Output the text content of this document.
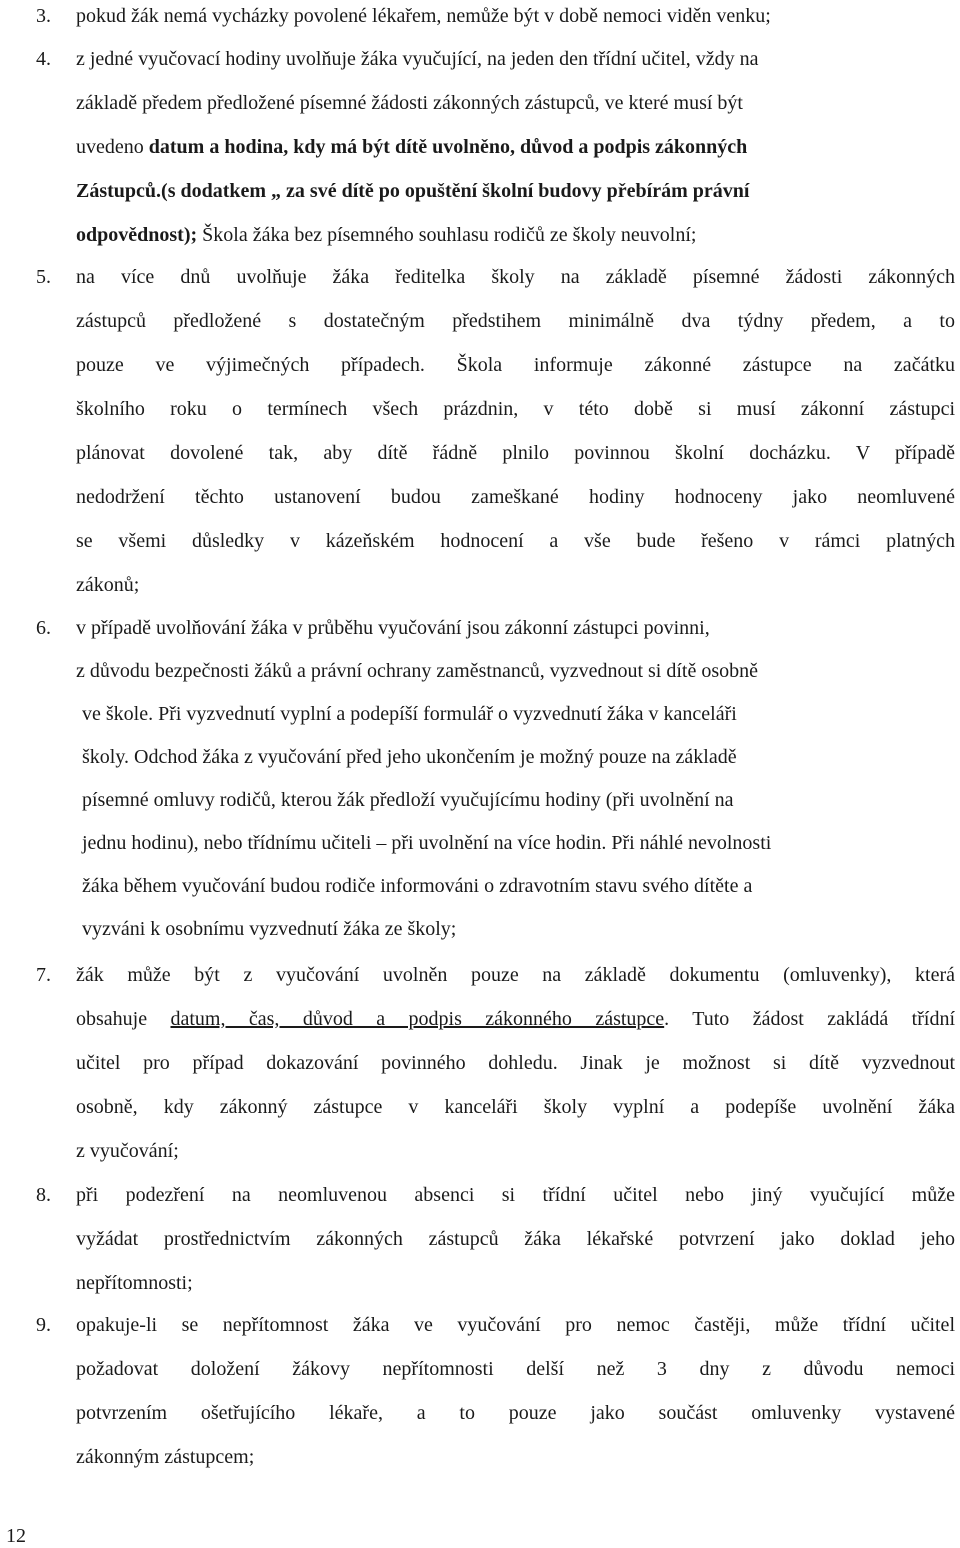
3. pokud žák nemá vycházky povolené lékařem, nemůže být v době nemoci viděn venku;
4. z jedné vyučovací hodiny uvolňuje žáka vyučující, na jeden den třídní učitel, vždy na
základě předem předložené písemné žádosti zákonných zástupců, ve které musí být
uvedeno datum a hodina, kdy má být dítě uvolněno, důvod a podpis zákonných
Zástupců.(s dodatkem „ za své dítě po opuštění školní budovy přebírám právní
odpovědnost); Škola žáka bez písemného souhlasu rodičů ze školy neuvolní;
5. na více dnů uvolňuje žáka ředitelka školy na základě písemné žádosti zákonných
zástupců předložené s dostatečným předstihem minimálně dva týdny předem, a to
pouze ve výjimečných případech. Škola informuje zákonné zástupce na začátku
školního roku o termínech všech prázdnin, v této době si musí zákonní zástupci
plánovat dovolené tak, aby dítě řádně plnilo povinnou školní docházku. V případě
nedodržení těchto ustanovení budou zameškané hodiny hodnoceny jako neomluvené
se všemi důsledky v kázeňském hodnocení a vše bude řešeno v rámci platných
zákonů;
6. v případě uvolňování žáka v průběhu vyučování jsou zákonní zástupci povinni,
z důvodu bezpečnosti žáků a právní ochrany zaměstnanců, vyzvednout si dítě osobně
ve škole. Při vyzvednutí vyplní a podepíší formulář o vyzvednutí žáka v kanceláři
školy. Odchod žáka z vyučování před jeho ukončením je možný pouze na základě
písemné omluvy rodičů, kterou žák předloží vyučujícímu hodiny (při uvolnění na
jednu hodinu), nebo třídnímu učiteli – při uvolnění na více hodin. Při náhlé nevolnosti
žáka během vyučování budou rodiče informováni o zdravotním stavu svého dítěte a
vyzváni k osobnímu vyzvednutí žáka ze školy;
7. žák může být z vyučování uvolněn pouze na základě dokumentu (omluvenky), která
obsahuje datum, čas, důvod a podpis zákonného zástupce. Tuto žádost zakládá třídní
učitel pro případ dokazování povinného dohledu. Jinak je možnost si dítě vyzvednout
osobně, kdy zákonný zástupce v kanceláři školy vyplní a podepíše uvolnění žáka
z vyučování;
8. při podezření na neomluvenou absenci si třídní učitel nebo jiný vyučující může
vyžádat prostřednictvím zákonných zástupců žáka lékařské potvrzení jako doklad jeho
nepřítomnosti;
9. opakuje-li se nepřítomnost žáka ve vyučování pro nemoc častěji, může třídní učitel
požadovat doložení žákovy nepřítomnosti delší než 3 dny z důvodu nemoci
potvrzením ošetřujícího lékaře, a to pouze jako součást omluvenky vystavené
zákonným zástupcem;
12
